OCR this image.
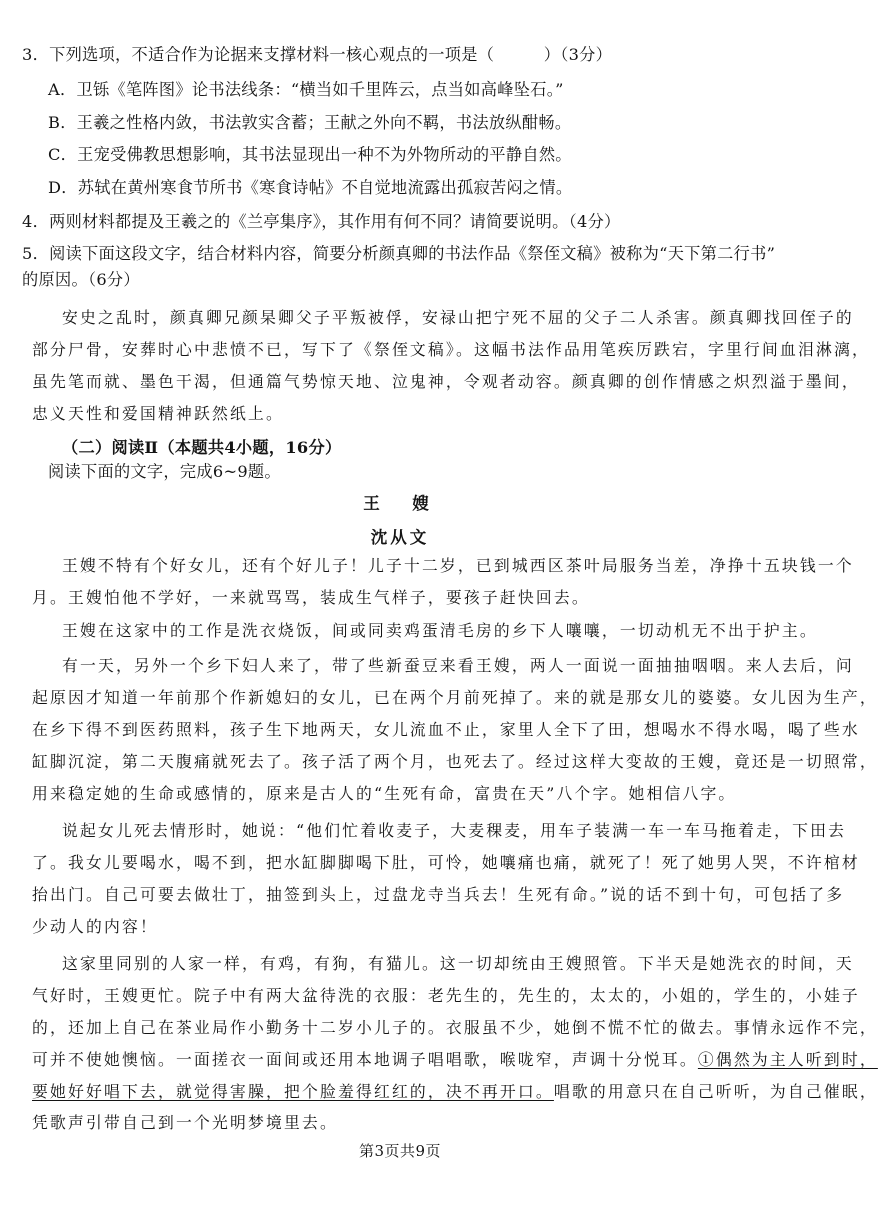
3．下列选项，不适合作为论据来支撑材料一核心观点的一项是（　　　）（3分）
A．卫铄《笔阵图》论书法线条：“横当如千里阵云，点当如高峰坠石。”
B．王羲之性格内敛，书法敦实含蓄；王献之外向不羁，书法放纵酣畅。
C．王宠受佛教思想影响，其书法显现出一种不为外物所动的平静自然。
D．苏轼在黄州寒食节所书《寒食诗帖》不自觉地流露出孤寂苦闷之情。
4．两则材料都提及王羲之的《兰亭集序》，其作用有何不同？请简要说明。（4分）
5．阅读下面这段文字，结合材料内容，简要分析颜真卿的书法作品《祭侄文稿》被称为“天下第二行书”
的原因。（6分）
安史之乱时，颜真卿兄颜杲卿父子平叛被俘，安禄山把宁死不屈的父子二人杀害。颜真卿找回侄子的
部分尸骨，安葬时心中悲愤不已，写下了《祭侄文稿》。这幅书法作品用笔疾厉跌宕，字里行间血泪淋漓，
虽先笔而就、墨色干渴，但通篇气势惊天地、泣鬼神，令观者动容。颜真卿的创作情感之炽烈溢于墨间，
忠义天性和爱国精神跃然纸上。
（二）阅读Ⅱ（本题共4小题，16分）
阅读下面的文字，完成6~9题。
王　嫂
沈从文
王嫂不特有个好女儿，还有个好儿子！儿子十二岁，已到城西区茶叶局服务当差，净挣十五块钱一个
月。王嫂怕他不学好，一来就骂骂，装成生气样子，要孩子赶快回去。
王嫂在这家中的工作是洗衣烧饭，间或同卖鸡蛋清毛房的乡下人嚷嚷，一切动机无不出于护主。
有一天，另外一个乡下妇人来了，带了些新蚕豆来看王嫂，两人一面说一面抽抽咽咽。来人去后，问
起原因才知道一年前那个作新媳妇的女儿，已在两个月前死掉了。来的就是那女儿的婆婆。女儿因为生产，
在乡下得不到医药照料，孩子生下地两天，女儿流血不止，家里人全下了田，想喝水不得水喝，喝了些水
缸脚沉淀，第二天腹痛就死去了。孩子活了两个月，也死去了。经过这样大变故的王嫂，竟还是一切照常，
用来稳定她的生命或感情的，原来是古人的“生死有命，富贵在天”八个字。她相信八字。
说起女儿死去情形时，她说：“他们忙着收麦子，大麦稞麦，用车子装满一车一车马拖着走，下田去
了。我女儿要喝水，喝不到，把水缸脚脚喝下肚，可怜，她嚷痛也痛，就死了！死了她男人哭，不许棺材
抬出门。自己可要去做壮丁，抽签到头上，过盘龙寺当兵去！生死有命。”说的话不到十句，可包括了多
少动人的内容！
这家里同别的人家一样，有鸡，有狗，有猫儿。这一切却统由王嫂照管。下半天是她洗衣的时间，天
气好时，王嫂更忙。院子中有两大盆待洗的衣服：老先生的，先生的，太太的，小姐的，学生的，小娃子
的，还加上自己在茶业局作小勤务十二岁小儿子的。衣服虽不少，她倒不慌不忙的做去。事情永远作不完，
可并不使她懊恼。一面搓衣一面间或还用本地调子唱唱歌，喉咙窄，声调十分悦耳。①偶然为主人听到时，
要她好好唱下去，就觉得害臊，把个脸羞得红红的，决不再开口。唱歌的用意只在自己听听，为自己催眠，
凭歌声引带自己到一个光明梦境里去。
第3页共9页
